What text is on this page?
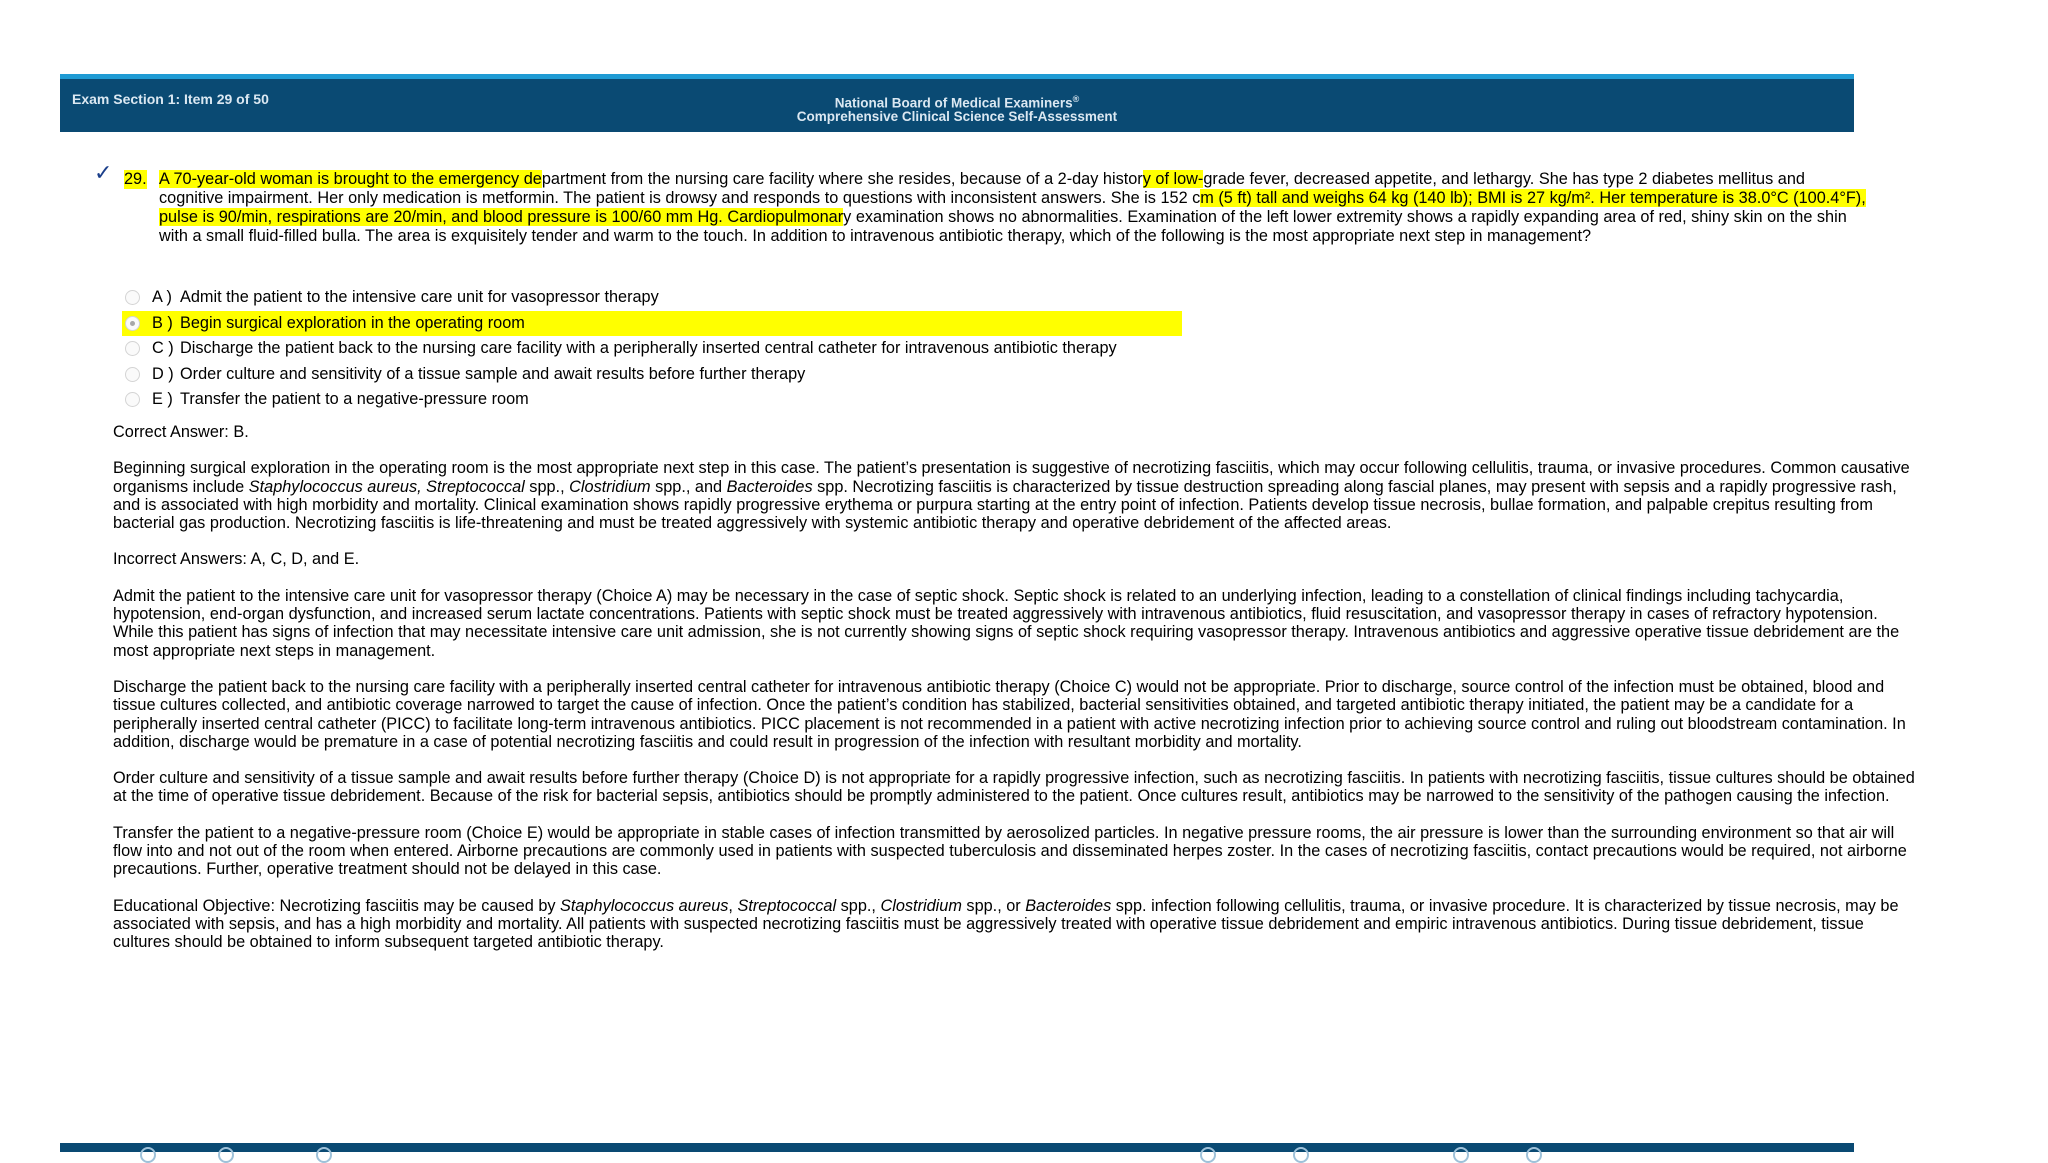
Exam Section 1: Item 29 of 50	National Board of Medical Examiners®
Comprehensive Clinical Science Self-Assessment
✓ 29. A 70-year-old woman is brought to the emergency department from the nursing care facility where she resides, because of a 2-day history of low-grade fever, decreased appetite, and lethargy. She has type 2 diabetes mellitus and cognitive impairment. Her only medication is metformin. The patient is drowsy and responds to questions with inconsistent answers. She is 152 cm (5 ft) tall and weighs 64 kg (140 lb); BMI is 27 kg/m². Her temperature is 38.0°C (100.4°F), pulse is 90/min, respirations are 20/min, and blood pressure is 100/60 mm Hg. Cardiopulmonary examination shows no abnormalities. Examination of the left lower extremity shows a rapidly expanding area of red, shiny skin on the shin with a small fluid-filled bulla. The area is exquisitely tender and warm to the touch. In addition to intravenous antibiotic therapy, which of the following is the most appropriate next step in management?
A ) Admit the patient to the intensive care unit for vasopressor therapy
B ) Begin surgical exploration in the operating room
C ) Discharge the patient back to the nursing care facility with a peripherally inserted central catheter for intravenous antibiotic therapy
D ) Order culture and sensitivity of a tissue sample and await results before further therapy
E ) Transfer the patient to a negative-pressure room

Correct Answer: B.

Beginning surgical exploration in the operating room is the most appropriate next step in this case. The patient’s presentation is suggestive of necrotizing fasciitis, which may occur following cellulitis, trauma, or invasive procedures. Common causative organisms include Staphylococcus aureus, Streptococcal spp., Clostridium spp., and Bacteroides spp. Necrotizing fasciitis is characterized by tissue destruction spreading along fascial planes, may present with sepsis and a rapidly progressive rash, and is associated with high morbidity and mortality. Clinical examination shows rapidly progressive erythema or purpura starting at the entry point of infection. Patients develop tissue necrosis, bullae formation, and palpable crepitus resulting from bacterial gas production. Necrotizing fasciitis is life-threatening and must be treated aggressively with systemic antibiotic therapy and operative debridement of the affected areas.

Incorrect Answers: A, C, D, and E.

Admit the patient to the intensive care unit for vasopressor therapy (Choice A) may be necessary in the case of septic shock. Septic shock is related to an underlying infection, leading to a constellation of clinical findings including tachycardia, hypotension, end-organ dysfunction, and increased serum lactate concentrations. Patients with septic shock must be treated aggressively with intravenous antibiotics, fluid resuscitation, and vasopressor therapy in cases of refractory hypotension. While this patient has signs of infection that may necessitate intensive care unit admission, she is not currently showing signs of septic shock requiring vasopressor therapy. Intravenous antibiotics and aggressive operative tissue debridement are the most appropriate next steps in management.

Discharge the patient back to the nursing care facility with a peripherally inserted central catheter for intravenous antibiotic therapy (Choice C) would not be appropriate. Prior to discharge, source control of the infection must be obtained, blood and tissue cultures collected, and antibiotic coverage narrowed to target the cause of infection. Once the patient’s condition has stabilized, bacterial sensitivities obtained, and targeted antibiotic therapy initiated, the patient may be a candidate for a peripherally inserted central catheter (PICC) to facilitate long-term intravenous antibiotics. PICC placement is not recommended in a patient with active necrotizing infection prior to achieving source control and ruling out bloodstream contamination. In addition, discharge would be premature in a case of potential necrotizing fasciitis and could result in progression of the infection with resultant morbidity and mortality.

Order culture and sensitivity of a tissue sample and await results before further therapy (Choice D) is not appropriate for a rapidly progressive infection, such as necrotizing fasciitis. In patients with necrotizing fasciitis, tissue cultures should be obtained at the time of operative tissue debridement. Because of the risk for bacterial sepsis, antibiotics should be promptly administered to the patient. Once cultures result, antibiotics may be narrowed to the sensitivity of the pathogen causing the infection.

Transfer the patient to a negative-pressure room (Choice E) would be appropriate in stable cases of infection transmitted by aerosolized particles. In negative pressure rooms, the air pressure is lower than the surrounding environment so that air will flow into and not out of the room when entered. Airborne precautions are commonly used in patients with suspected tuberculosis and disseminated herpes zoster. In the cases of necrotizing fasciitis, contact precautions would be required, not airborne precautions. Further, operative treatment should not be delayed in this case.

Educational Objective: Necrotizing fasciitis may be caused by Staphylococcus aureus, Streptococcal spp., Clostridium spp., or Bacteroides spp. infection following cellulitis, trauma, or invasive procedure. It is characterized by tissue necrosis, may be associated with sepsis, and has a high morbidity and mortality. All patients with suspected necrotizing fasciitis must be aggressively treated with operative tissue debridement and empiric intravenous antibiotics. During tissue debridement, tissue cultures should be obtained to inform subsequent targeted antibiotic therapy.
